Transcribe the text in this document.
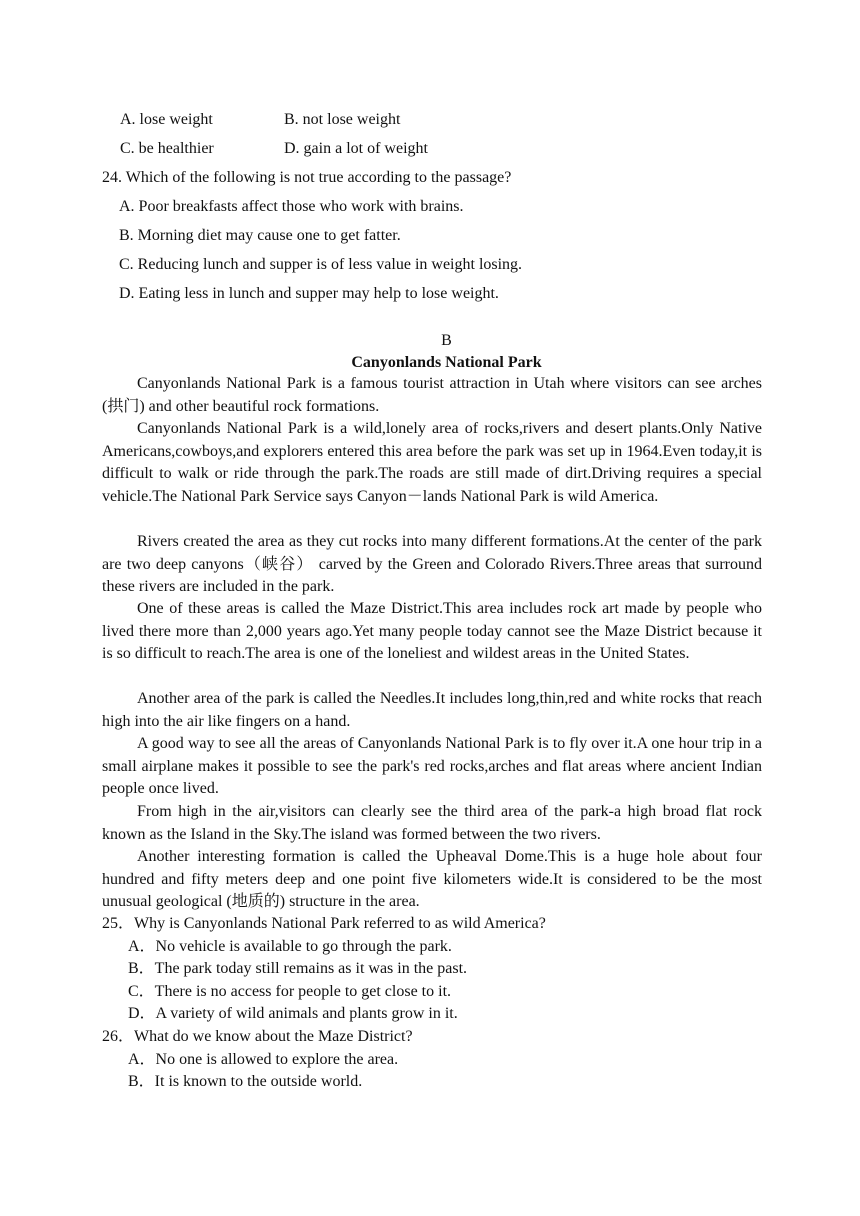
A. lose weight	B. not lose weight
C. be healthier	D. gain a lot of weight
24. Which of the following is not true according to the passage?
A. Poor breakfasts affect those who work with brains.
B. Morning diet may cause one to get fatter.
C. Reducing lunch and supper is of less value in weight losing.
D. Eating less in lunch and supper may help to lose weight.
B
Canyonlands National Park
Canyonlands National Park is a famous tourist attraction in Utah where visitors can see arches (拱门) and other beautiful rock formations.
Canyonlands National Park is a wild,lonely area of rocks,rivers and desert plants.Only Native Americans,cowboys,and explorers entered this area before the park was set up in 1964.Even today,it is difficult to walk or ride through the park.The roads are still made of dirt.Driving requires a special vehicle.The National Park Service says Canyon－lands National Park is wild America.
Rivers created the area as they cut rocks into many different formations.At the center of the park are two deep canyons（峡谷） carved by the Green and Colorado Rivers.Three areas that surround these rivers are included in the park.
One of these areas is called the Maze District.This area includes rock art made by people who lived there more than 2,000 years ago.Yet many people today cannot see the Maze District because it is so difficult to reach.The area is one of the loneliest and wildest areas in the United States.
Another area of the park is called the Needles.It includes long,thin,red and white rocks that reach high into the air like fingers on a hand.
A good way to see all the areas of Canyonlands National Park is to fly over it.A one hour trip in a small airplane makes it possible to see the park's red rocks,arches and flat areas where ancient Indian people once lived.
From high in the air,visitors can clearly see the third area of the park-a high broad flat rock known as the Island in the Sky.The island was formed between the two rivers.
Another interesting formation is called the Upheaval Dome.This is a huge hole about four hundred and fifty meters deep and one point five kilometers wide.It is considered to be the most unusual geological (地质的) structure in the area.
25．Why is Canyonlands National Park referred to as wild America?
A．No vehicle is available to go through the park.
B．The park today still remains as it was in the past.
C．There is no access for people to get close to it.
D．A variety of wild animals and plants grow in it.
26．What do we know about the Maze District?
A．No one is allowed to explore the area.
B．It is known to the outside world.
